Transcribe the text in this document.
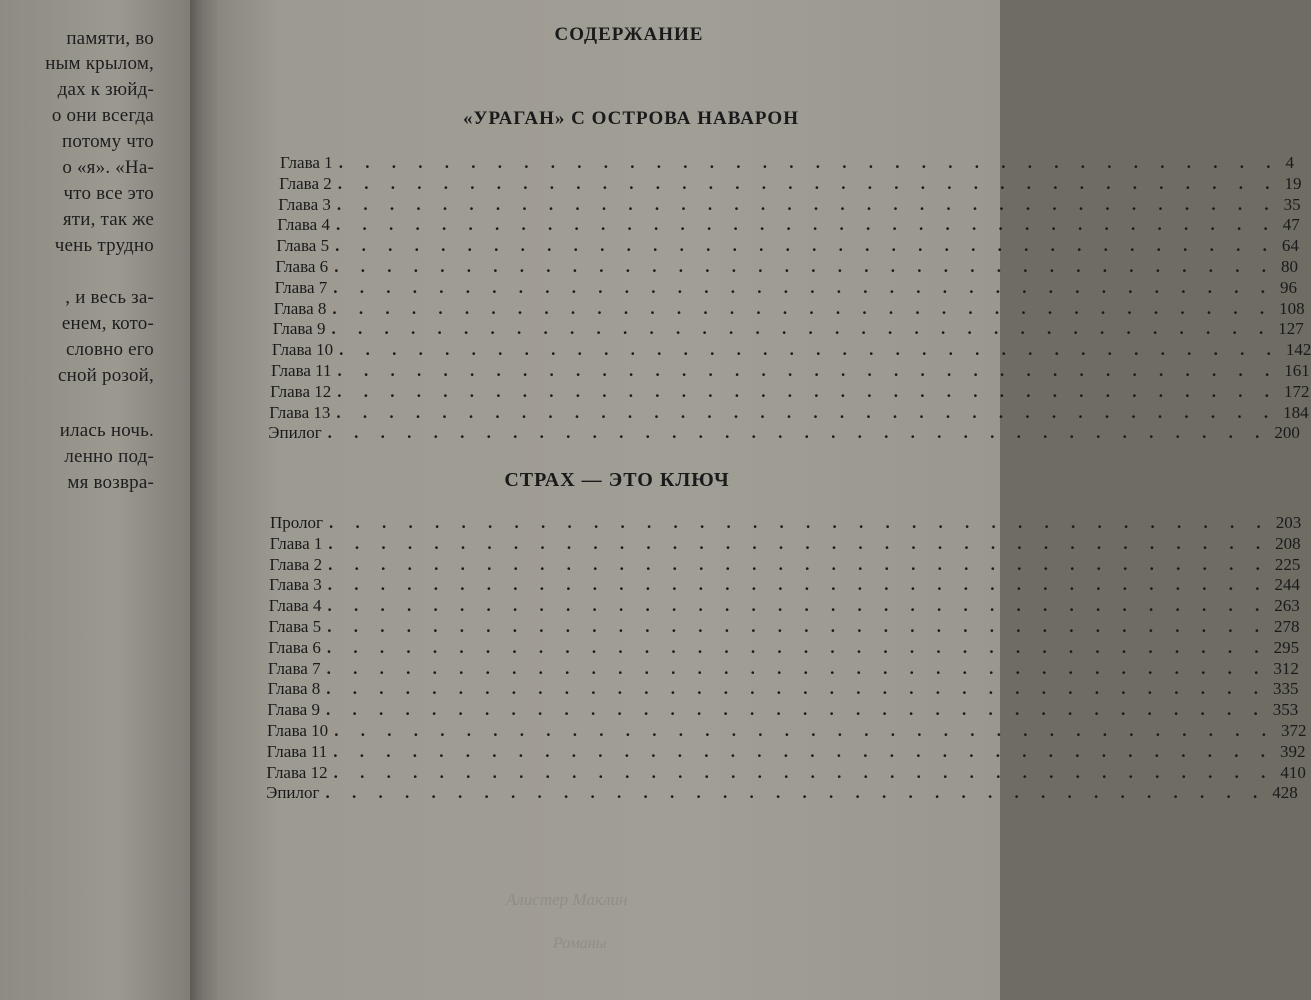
памяти, во
ным крылом,
дах к зюйд-
о они всегда
потому что
о «я». «На-
что все это
яти, так же
чень трудно
, и весь за-
енем, кото-
словно его
сной розой,
илась ночь.
ленно под-
мя возвра-
Алистер Маклин
Романы
СОДЕРЖАНИЕ
«УРАГАН» С ОСТРОВА НАВАРОН
СТРАХ — ЭТО КЛЮЧ
Глава 1 . . . . . . . . . . . . . . . . . . . . . . . . . . . . . . . . . . . . 4
Глава 2 . . . . . . . . . . . . . . . . . . . . . . . . . . . . . . . . . . . . 19
Глава 3 . . . . . . . . . . . . . . . . . . . . . . . . . . . . . . . . . . . . 35
Глава 4 . . . . . . . . . . . . . . . . . . . . . . . . . . . . . . . . . . . . 47
Глава 5 . . . . . . . . . . . . . . . . . . . . . . . . . . . . . . . . . . . . 64
Глава 6 . . . . . . . . . . . . . . . . . . . . . . . . . . . . . . . . . . . . 80
Глава 7 . . . . . . . . . . . . . . . . . . . . . . . . . . . . . . . . . . . . 96
Глава 8 . . . . . . . . . . . . . . . . . . . . . . . . . . . . . . . . . . . . 108
Глава 9 . . . . . . . . . . . . . . . . . . . . . . . . . . . . . . . . . . . . 127
Глава 10 . . . . . . . . . . . . . . . . . . . . . . . . . . . . . . . . . . . . 142
Глава 11 . . . . . . . . . . . . . . . . . . . . . . . . . . . . . . . . . . . . 161
Глава 12 . . . . . . . . . . . . . . . . . . . . . . . . . . . . . . . . . . . . 172
Глава 13 . . . . . . . . . . . . . . . . . . . . . . . . . . . . . . . . . . . . 184
Эпилог . . . . . . . . . . . . . . . . . . . . . . . . . . . . . . . . . . . . 200
Пролог . . . . . . . . . . . . . . . . . . . . . . . . . . . . . . . . . . . . 203
Глава 1 . . . . . . . . . . . . . . . . . . . . . . . . . . . . . . . . . . . . 208
Глава 2 . . . . . . . . . . . . . . . . . . . . . . . . . . . . . . . . . . . . 225
Глава 3 . . . . . . . . . . . . . . . . . . . . . . . . . . . . . . . . . . . . 244
Глава 4 . . . . . . . . . . . . . . . . . . . . . . . . . . . . . . . . . . . . 263
Глава 5 . . . . . . . . . . . . . . . . . . . . . . . . . . . . . . . . . . . . 278
Глава 6 . . . . . . . . . . . . . . . . . . . . . . . . . . . . . . . . . . . . 295
Глава 7 . . . . . . . . . . . . . . . . . . . . . . . . . . . . . . . . . . . . 312
Глава 8 . . . . . . . . . . . . . . . . . . . . . . . . . . . . . . . . . . . . 335
Глава 9 . . . . . . . . . . . . . . . . . . . . . . . . . . . . . . . . . . . . 353
Глава 10 . . . . . . . . . . . . . . . . . . . . . . . . . . . . . . . . . . . . 372
Глава 11 . . . . . . . . . . . . . . . . . . . . . . . . . . . . . . . . . . . . 392
Глава 12 . . . . . . . . . . . . . . . . . . . . . . . . . . . . . . . . . . . . 410
Эпилог . . . . . . . . . . . . . . . . . . . . . . . . . . . . . . . . . . . . 428
